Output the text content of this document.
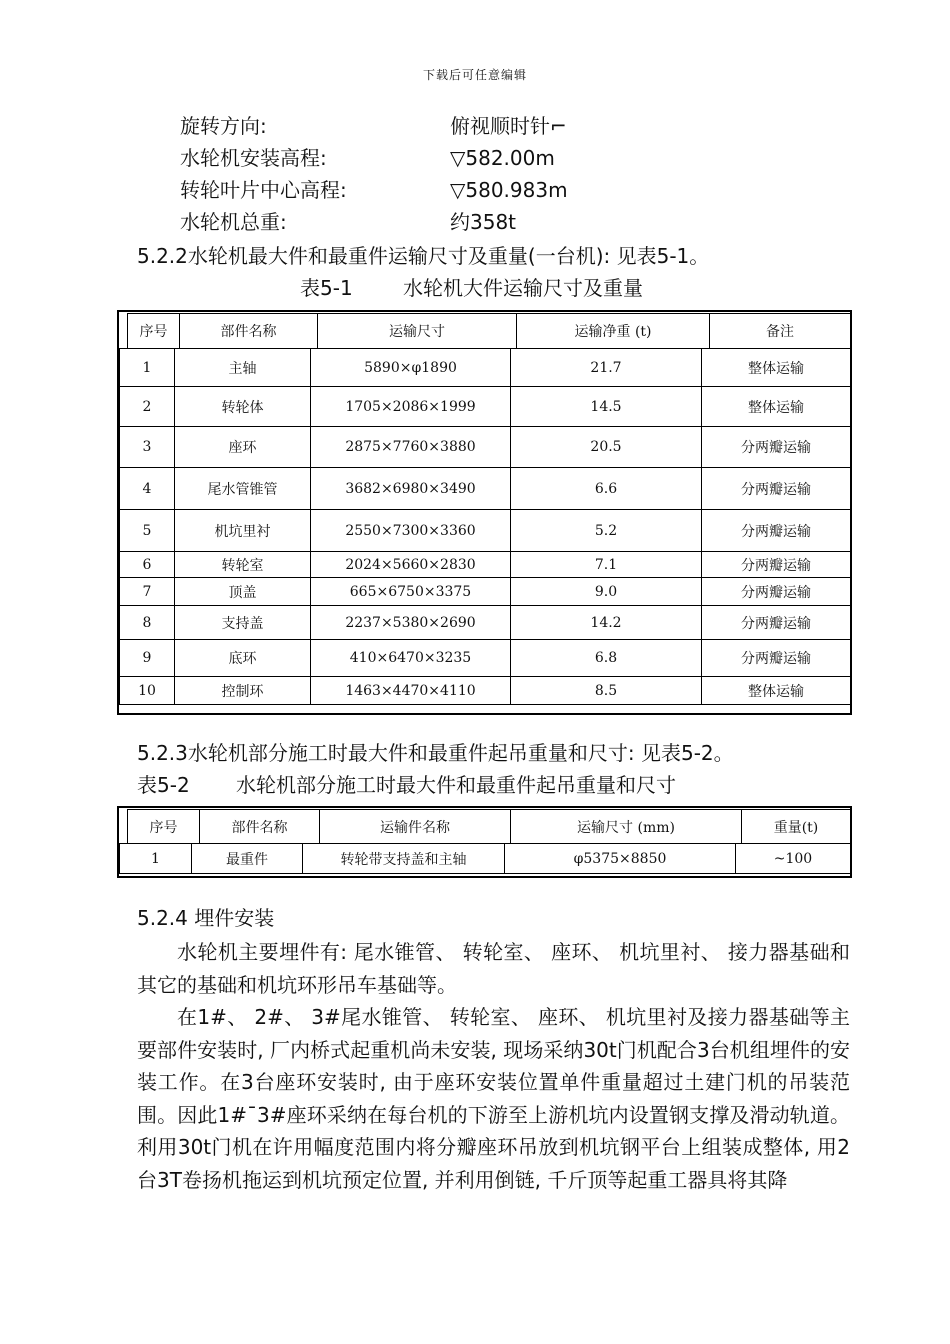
下载后可任意编辑
旋转方向:	俯视顺时针⌐
水轮机安装高程:	▽582.00m
转轮叶片中心高程:	▽580.983m
水轮机总重:	约358t
5.2.2水轮机最大件和最重件运输尺寸及重量(一台机): 见表5-1。
表5-1	水轮机大件运输尺寸及重量
序号	部件名称	运输尺寸	运输净重 (t)	备注
1	主轴	5890×φ1890	21.7	整体运输
2	转轮体	1705×2086×1999	14.5	整体运输
3	座环	2875×7760×3880	20.5	分两瓣运输
4	尾水管锥管	3682×6980×3490	6.6	分两瓣运输
5	机坑里衬	2550×7300×3360	5.2	分两瓣运输
6	转轮室	2024×5660×2830	7.1	分两瓣运输
7	顶盖	665×6750×3375	9.0	分两瓣运输
8	支持盖	2237×5380×2690	14.2	分两瓣运输
9	底环	410×6470×3235	6.8	分两瓣运输
10	控制环	1463×4470×4110	8.5	整体运输
5.2.3水轮机部分施工时最大件和最重件起吊重量和尺寸: 见表5-2。
表5-2 水轮机部分施工时最大件和最重件起吊重量和尺寸
序号	部件名称	运输件名称	运输尺寸 (mm)	重量(t)
1	最重件	转轮带支持盖和主轴	φ5375×8850	~100
5.2.4 埋件安装

水轮机主要埋件有: 尾水锥管、 转轮室、 座环、 机坑里衬、 接力器基础和其它的基础和机坑环形吊车基础等。

在1#、 2#、 3#尾水锥管、 转轮室、 座环、 机坑里衬及接力器基础等主要部件安装时, 厂内桥式起重机尚未安装, 现场采纳30t门机配合3台机组埋件的安装工作。在3台座环安装时, 由于座环安装位置单件重量超过土建门机的吊装范围。因此1#¯3#座环采纳在每台机的下游至上游机坑内设置钢支撑及滑动轨道。利用30t门机在许用幅度范围内将分瓣座环吊放到机坑钢平台上组装成整体, 用2台3T卷扬机拖运到机坑预定位置, 并利用倒链, 千斤顶等起重工器具将其降
